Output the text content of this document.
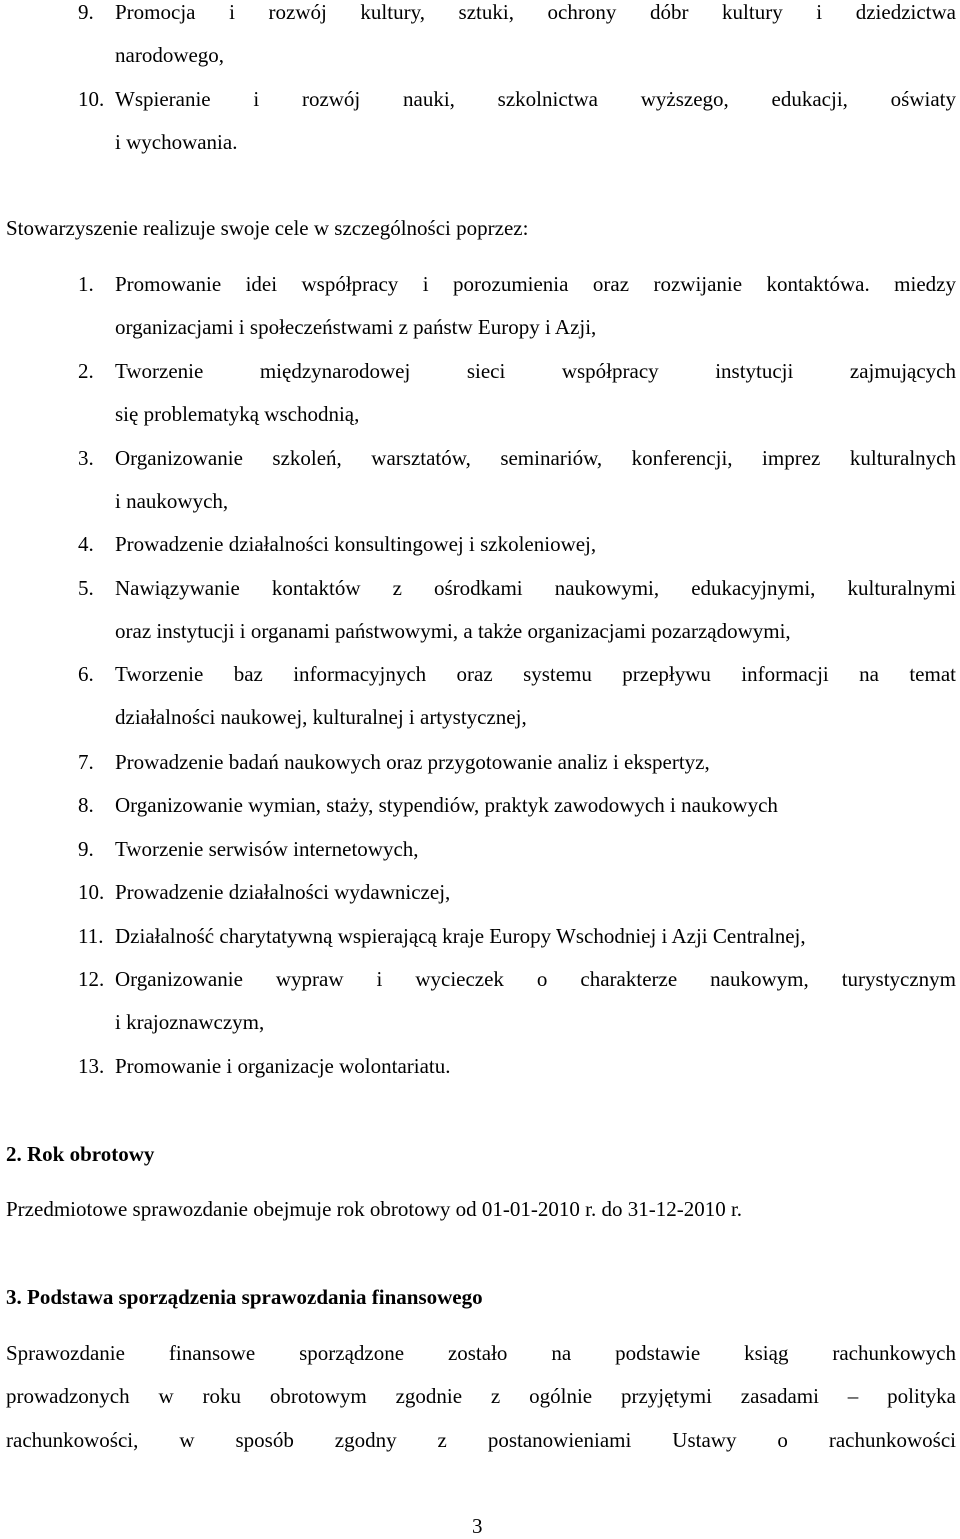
9. Promocja i rozwój kultury, sztuki, ochrony dóbr kultury i dziedzictwa
narodowego,
10. Wspieranie i rozwój nauki, szkolnictwa wyższego, edukacji, oświaty
i wychowania.
Stowarzyszenie realizuje swoje cele w szczególności poprzez:
1. Promowanie idei współpracy i porozumienia oraz rozwijanie kontaktówa. miedzy
organizacjami i społeczeństwami z państw Europy i Azji,
2. Tworzenie międzynarodowej sieci współpracy instytucji zajmujących
się problematyką wschodnią,
3. Organizowanie szkoleń, warsztatów, seminariów, konferencji, imprez kulturalnych
i naukowych,
4. Prowadzenie działalności konsultingowej i szkoleniowej,
5. Nawiązywanie kontaktów z ośrodkami naukowymi, edukacyjnymi, kulturalnymi
oraz instytucji i organami państwowymi, a także organizacjami pozarządowymi,
6. Tworzenie baz informacyjnych oraz systemu przepływu informacji na temat
działalności naukowej, kulturalnej i artystycznej,
7. Prowadzenie badań naukowych oraz przygotowanie analiz i ekspertyz,
8. Organizowanie wymian, staży, stypendiów, praktyk zawodowych i naukowych
9. Tworzenie serwisów internetowych,
10. Prowadzenie działalności wydawniczej,
11. Działalność charytatywną wspierającą kraje Europy Wschodniej i Azji Centralnej,
12. Organizowanie wypraw i wycieczek o charakterze naukowym, turystycznym
i krajoznawczym,
13. Promowanie i organizacje wolontariatu.
2. Rok obrotowy
Przedmiotowe sprawozdanie obejmuje rok obrotowy od 01-01-2010 r. do 31-12-2010 r.
3. Podstawa sporządzenia sprawozdania finansowego
Sprawozdanie finansowe sporządzone zostało na podstawie ksiąg rachunkowych
prowadzonych w roku obrotowym zgodnie z ogólnie przyjętymi zasadami – polityka
rachunkowości, w sposób zgodny z postanowieniami Ustawy o rachunkowości
3
